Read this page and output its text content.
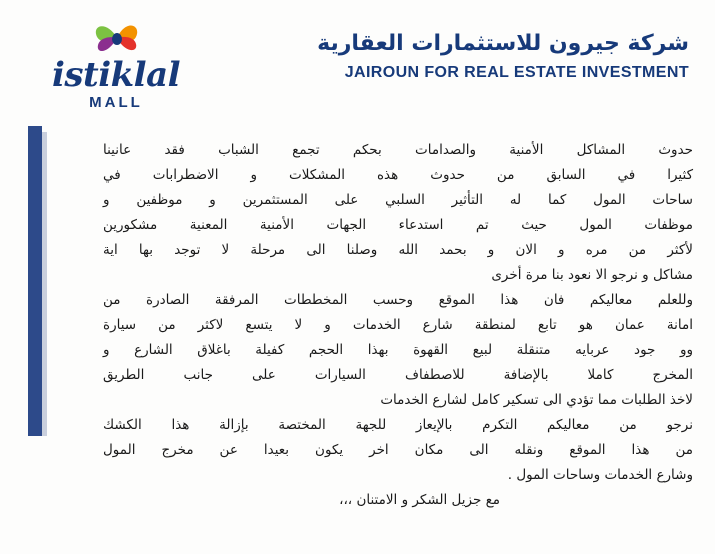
istiklal
MALL
شركة جيرون للاستثمارات العقارية
JAIROUN FOR REAL ESTATE INVESTMENT

حدوث المشاكل الأمنية والصدامات بحكم تجمع الشباب فقد عانينا

كثيرا في السابق من حدوث هذه المشكلات و الاضطرابات في

ساحات المول كما له التأثير السلبي على المستثمرين و موظفين و

موظفات المول حيث تم استدعاء الجهات الأمنية المعنية مشكورين

لأكثر من مره و الان و بحمد الله وصلنا الى مرحلة لا توجد بها اية

مشاكل و نرجو الا نعود بنا مرة أخرى

وللعلم معاليكم فان هذا الموقع وحسب المخططات المرفقة الصادرة من

امانة عمان هو تابع لمنطقة شارع الخدمات و لا يتسع لاكثر من سيارة

وو جود عربايه متنقلة لبيع القهوة بهذا الحجم كفيلة باغلاق الشارع و

المخرج كاملا بالإضافة للاصطفاف السيارات على جانب الطريق

لاخذ الطلبات مما تؤدي الى تسكير كامل لشارع الخدمات

نرجو من معاليكم التكرم بالإيعاز للجهة المختصة بإزالة هذا الكشك

من هذا الموقع ونقله الى مكان اخر يكون بعيدا عن مخرج المول

وشارع الخدمات وساحات المول .

مع جزيل الشكر و الامتنان ،،،
